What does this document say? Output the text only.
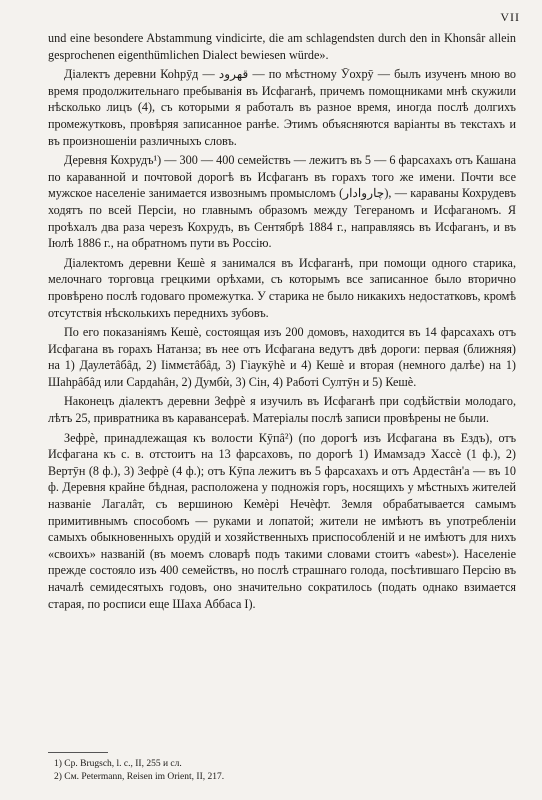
VII

und eine besondere Abstammung vindicirte, die am schlagendsten durch den in Khonsâr allein gesprochenen eigenthümlichen Dialect bewiesen würde».

Діалектъ деревни Коhрӯд — قهرود — по мѣстному Ӯохрӯ — былъ изученъ мною во время продолжительнаго пребыванія въ Исфаганѣ, причемъ помощниками мнѣ скужили нѣсколько лицъ (4), съ которыми я работалъ въ разное время, иногда послѣ долгихъ промежутковъ, провѣряя записанное ранѣе. Этимъ объясняются варіанты въ текстахъ и въ произношеніи различныхъ словъ.

Деревня Кохрудъ¹) — 300 — 400 семействъ — лежитъ въ 5 — 6 фарсахахъ отъ Кашана по караванной и почтовой дорогѣ въ Исфаганъ въ горахъ того же имени. Почти все мужское населеніе занимается извознымъ промысломъ (چاروادار), — караваны Кохрудевъ ходятъ по всей Персіи, но главнымъ образомъ между Тегераномъ и Исфаганомъ. Я проѣхалъ два раза черезъ Кохрудъ, въ Сентябрѣ 1884 г., направляясь въ Исфаганъ, и въ Іюлѣ 1886 г., на обратномъ пути въ Россію.

Діалектомъ деревни Кешѐ я занимался въ Исфаганѣ, при помощи одного старика, мелочнаго торговца грецкими орѣхами, съ которымъ все записанное было вторично провѣрено послѣ годоваго промежутка. У старика не было никакихъ недостатковъ, кромѣ отсутствія нѣсколькихъ переднихъ зубовъ.

По его показаніямъ Кешѐ, состоящая изъ 200 домовъ, находится въ 14 фарсахахъ отъ Исфагана въ горахъ Натанза; въ нее отъ Исфагана ведутъ двѣ дороги: первая (ближняя) на 1) Даулетâбâд, 2) Ӏіммєтâбâд, 3) Гіаукӯhѐ и 4) Кешѐ и вторая (немного далѣе) на 1) Шаhрâбâд или Сардаhâн, 2) Думбѝ, 3) Сін, 4) Работі Султӯн и 5) Кешѐ.

Наконецъ діалектъ деревни Зефрѐ я изучилъ въ Исфаганѣ при содѣйствіи молодаго, лѣтъ 25, привратника въ каравансераѣ. Матеріалы послѣ записи провѣрены не были.

Зефрѐ, принадлежащая къ волости Кӯпâ²) (по дорогѣ изъ Исфагана въ Ездъ), отъ Исфагана къ с. в. отстоитъ на 13 фарсаховъ, по дорогѣ 1) Имамзадэ Хассѐ (1 ф.), 2) Вертӯн (8 ф.), 3) Зефрѐ (4 ф.); отъ Кӯпа лежитъ въ 5 фарсахахъ и отъ Ардестâн'а — въ 10 ф. Деревня крайне бѣдная, расположена у подножія горъ, носящихъ у мѣстныхъ жителей названіе Лагалâт, съ вершиною Кемѐрі Нечѐфт. Земля обрабатывается самымъ примитивнымъ способомъ — руками и лопатой; жители не имѣютъ въ употребленіи самыхъ обыкновенныхъ орудій и хозяйственныхъ приспособленій и не имѣютъ для нихъ «своихъ» названій (въ моемъ словарѣ подъ такими словами стоитъ «abest»). Населеніе прежде состояло изъ 400 семействъ, но послѣ страшнаго голода, посѣтившаго Персію въ началѣ семидесятыхъ годовъ, оно значительно сократилось (подать однако взимается старая, по росписи еще Шаха Аббаса I).

1) Ср. Brugsch, l. c., II, 255 и сл.
2) См. Petermann, Reisen im Orient, II, 217.
